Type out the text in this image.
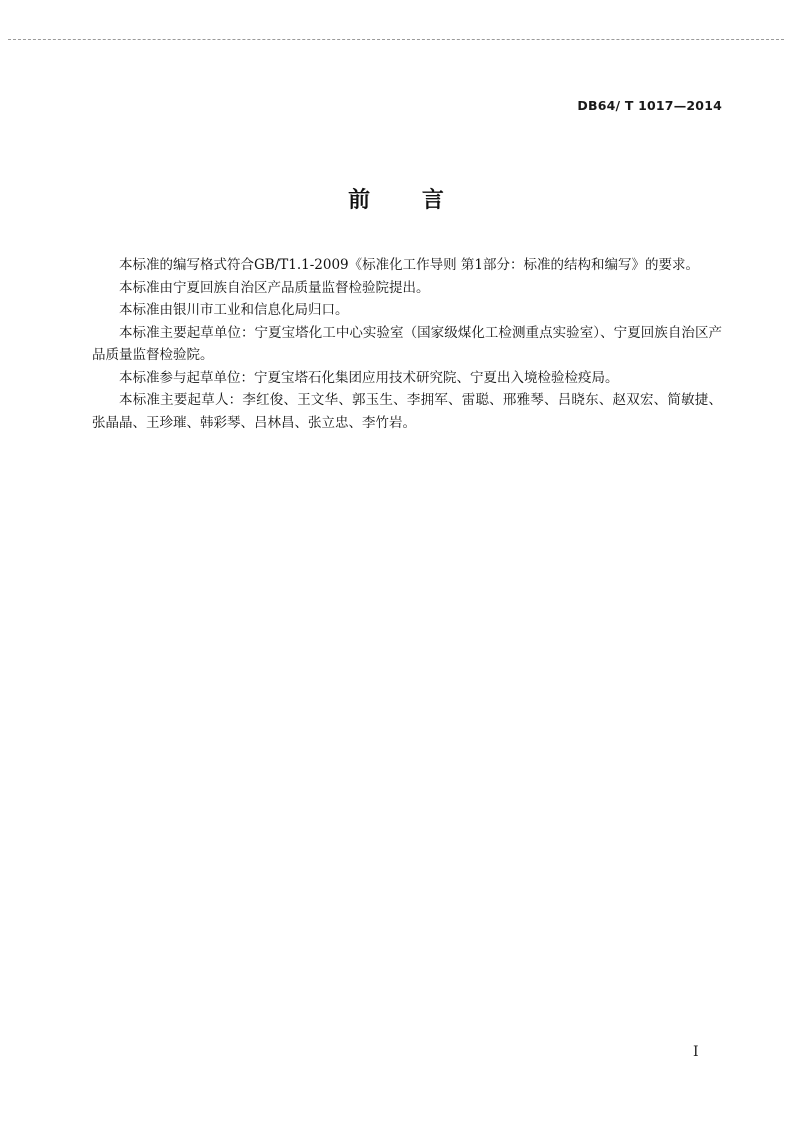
DB64/ T 1017—2014
前 言

本标准的编写格式符合GB/T1.1-2009《标准化工作导则 第1部分：标准的结构和编写》的要求。

本标准由宁夏回族自治区产品质量监督检验院提出。

本标准由银川市工业和信息化局归口。

本标准主要起草单位：宁夏宝塔化工中心实验室（国家级煤化工检测重点实验室）、宁夏回族自治区产品质量监督检验院。

本标准参与起草单位：宁夏宝塔石化集团应用技术研究院、宁夏出入境检验检疫局。

本标准主要起草人：李红俊、王文华、郭玉生、李拥军、雷聪、邢雅琴、吕晓东、赵双宏、简敏捷、张晶晶、王珍璀、韩彩琴、吕林昌、张立忠、李竹岩。

I
